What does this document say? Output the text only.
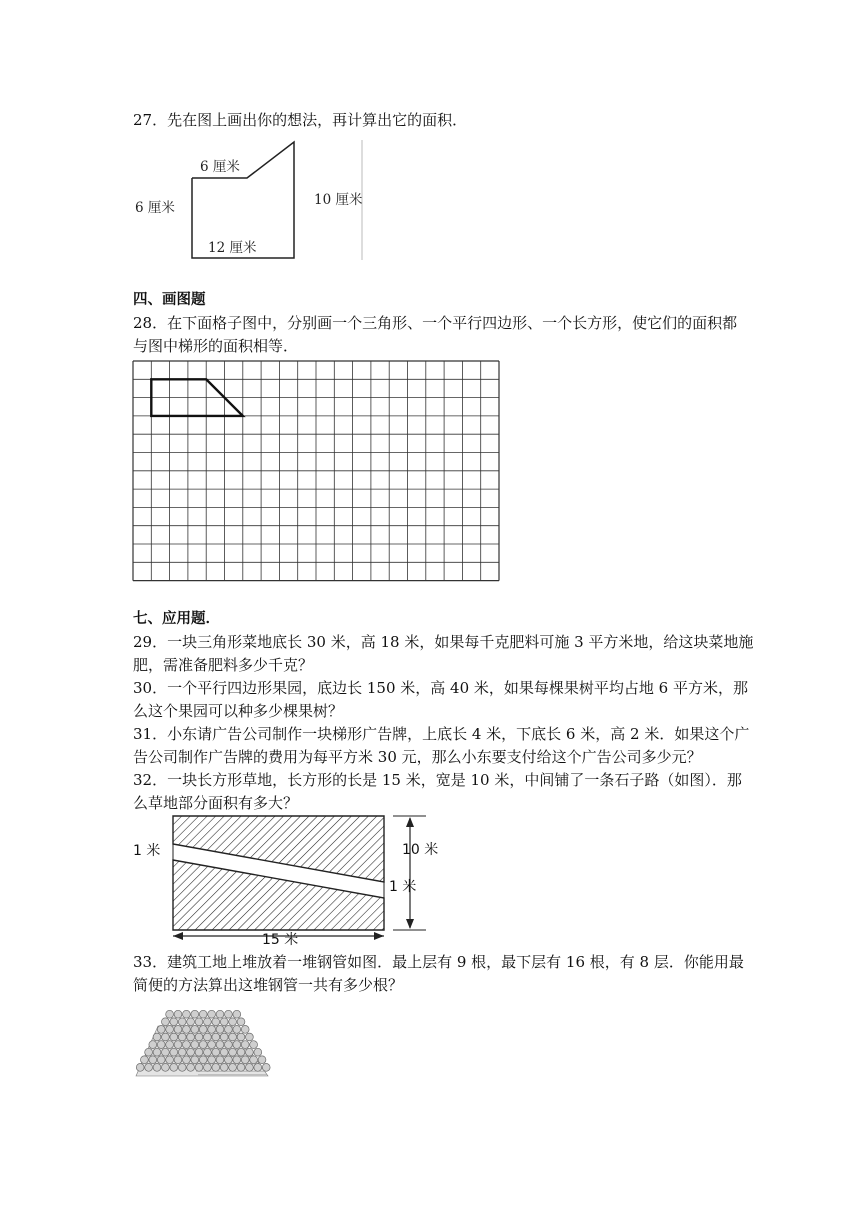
27．先在图上画出你的想法，再计算出它的面积．
6 厘米
6 厘米	10 厘米
12 厘米
四、画图题
28．在下面格子图中，分别画一个三角形、一个平行四边形、一个长方形，使它们的面积都
与图中梯形的面积相等．
七、应用题．
29．一块三角形菜地底长 30 米，高 18 米，如果每千克肥料可施 3 平方米地，给这块菜地施
肥，需准备肥料多少千克？
30．一个平行四边形果园，底边长 150 米，高 40 米，如果每棵果树平均占地 6 平方米，那
么这个果园可以种多少棵果树？
31．小东请广告公司制作一块梯形广告牌，上底长 4 米，下底长 6 米，高 2 米．如果这个广
告公司制作广告牌的费用为每平方米 30 元，那么小东要支付给这个广告公司多少元？
32．一块长方形草地，长方形的长是 15 米，宽是 10 米，中间铺了一条石子路（如图）．那
么草地部分面积有多大？
1 米	10 米
1 米
15 米
33．建筑工地上堆放着一堆钢管如图．最上层有 9 根，最下层有 16 根，有 8 层．你能用最
简便的方法算出这堆钢管一共有多少根？
